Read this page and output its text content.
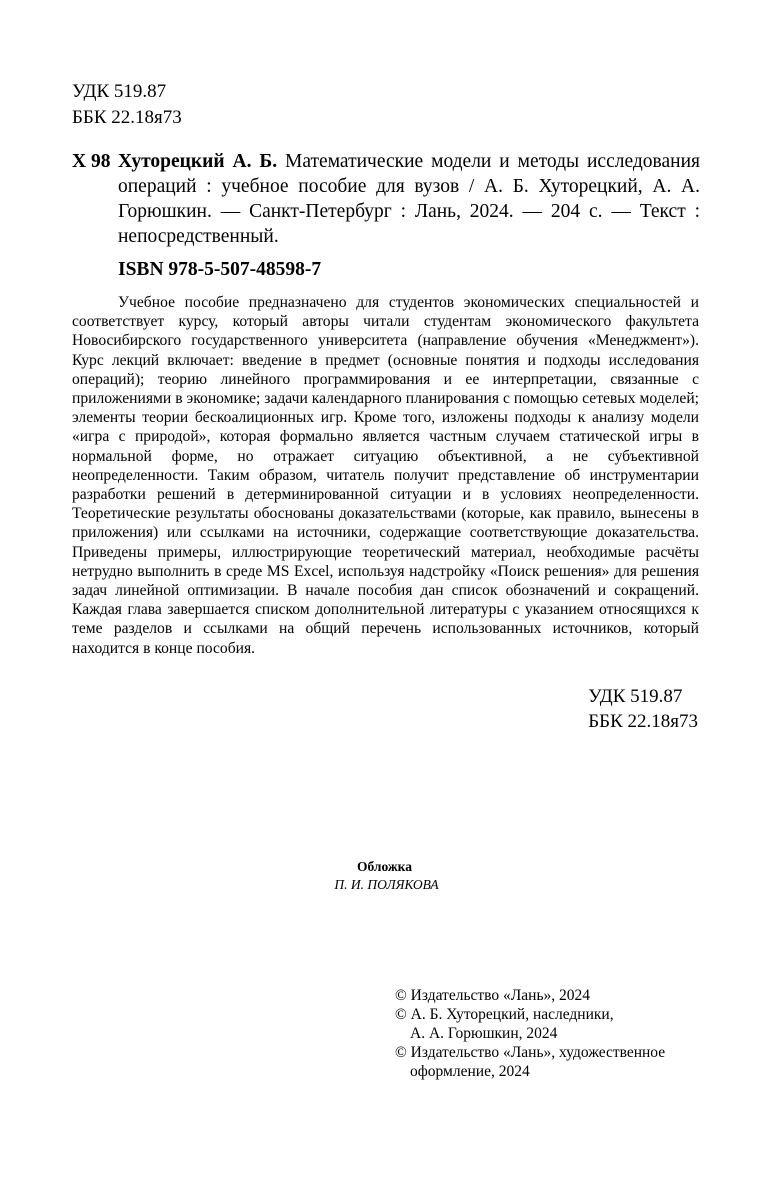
УДК 519.87
ББК 22.18я73
Х 98 Хуторецкий А. Б. Математические модели и методы исследования операций : учебное пособие для вузов / А. Б. Хуторецкий, А. А. Горюшкин. — Санкт-Петербург : Лань, 2024. — 204 с. — Текст : непосредственный.
ISBN 978-5-507-48598-7

Учебное пособие предназначено для студентов экономических специальностей и соответствует курсу, который авторы читали студентам экономического факультета Новосибирского государственного университета (направление обучения «Менеджмент»). Курс лекций включает: введение в предмет (основные понятия и подходы исследования операций); теорию линейного программирования и ее интерпретации, связанные с приложениями в экономике; задачи календарного планирования с помощью сетевых моделей; элементы теории бескоалиционных игр. Кроме того, изложены подходы к анализу модели «игра с природой», которая формально является частным случаем статической игры в нормальной форме, но отражает ситуацию объективной, а не субъективной неопределенности. Таким образом, читатель получит представление об инструментарии разработки решений в детерминированной ситуации и в условиях неопределенности. Теоретические результаты обоснованы доказательствами (которые, как правило, вынесены в приложения) или ссылками на источники, содержащие соответствующие доказательства. Приведены примеры, иллюстрирующие теоретический материал, необходимые расчёты нетрудно выполнить в среде MS Excel, используя надстройку «Поиск решения» для решения задач линейной оптимизации. В начале пособия дан список обозначений и сокращений. Каждая глава завершается списком дополнительной литературы с указанием относящихся к теме разделов и ссылками на общий перечень использованных источников, который находится в конце пособия.

УДК 519.87
ББК 22.18я73
Обложка
П. И. ПОЛЯКОВА
© Издательство «Лань», 2024
© А. Б. Хуторецкий, наследники,
А. А. Горюшкин, 2024
© Издательство «Лань», художественное
оформление, 2024
